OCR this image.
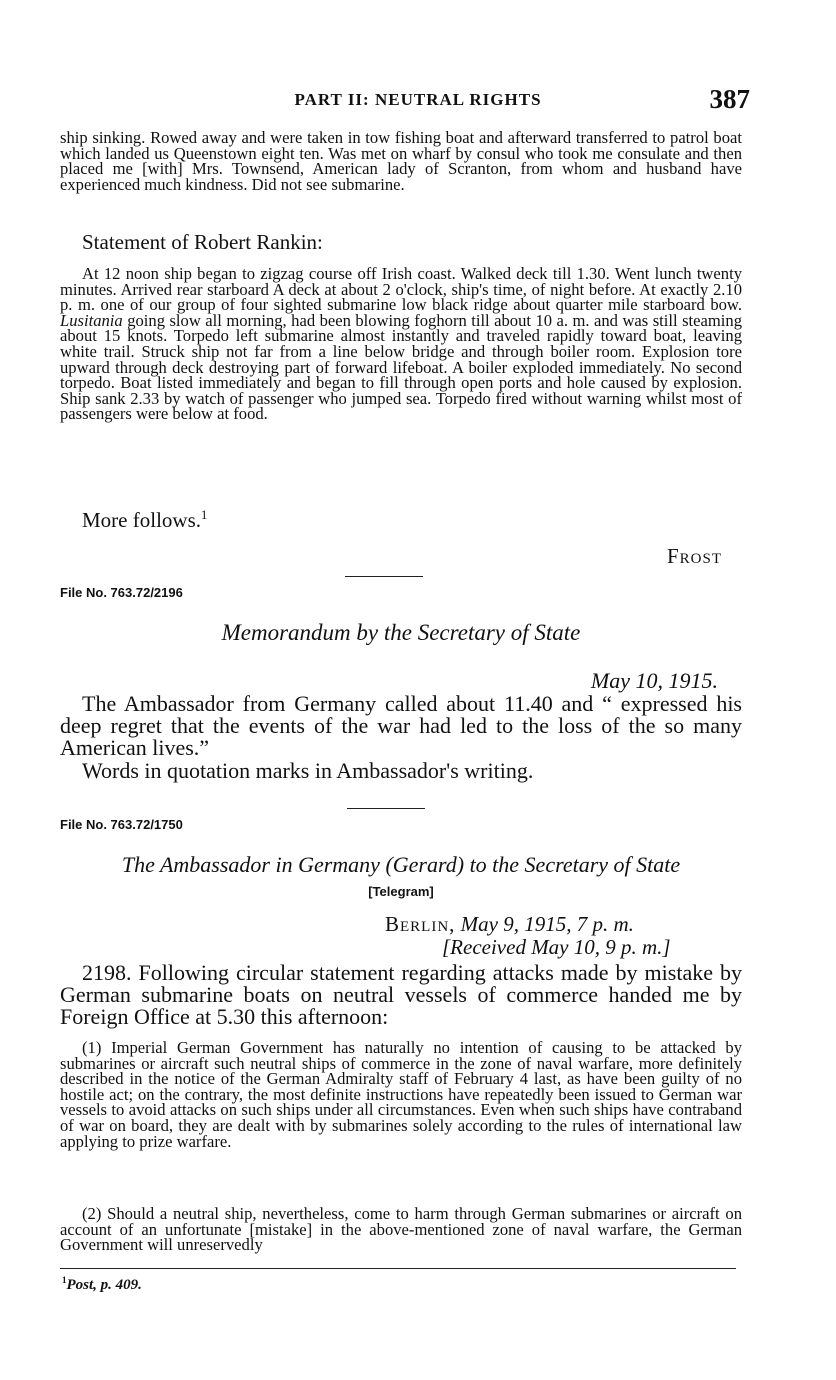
PART II: NEUTRAL RIGHTS	387
ship sinking. Rowed away and were taken in tow fishing boat and afterward transferred to patrol boat which landed us Queenstown eight ten. Was met on wharf by consul who took me consulate and then placed me [with] Mrs. Townsend, American lady of Scranton, from whom and husband have experienced much kindness. Did not see submarine.
Statement of Robert Rankin:
At 12 noon ship began to zigzag course off Irish coast. Walked deck till 1.30. Went lunch twenty minutes. Arrived rear starboard A deck at about 2 o'clock, ship's time, of night before. At exactly 2.10 p. m. one of our group of four sighted submarine low black ridge about quarter mile starboard bow. Lusitania going slow all morning, had been blowing foghorn till about 10 a. m. and was still steaming about 15 knots. Torpedo left submarine almost instantly and traveled rapidly toward boat, leaving white trail. Struck ship not far from a line below bridge and through boiler room. Explosion tore upward through deck destroying part of forward lifeboat. A boiler exploded immediately. No second torpedo. Boat listed immediately and began to fill through open ports and hole caused by explosion. Ship sank 2.33 by watch of passenger who jumped sea. Torpedo fired without warning whilst most of passengers were below at food.
More follows.$^1$
Frost
File No. 763.72/2196
Memorandum by the Secretary of State
May 10, 1915.
The Ambassador from Germany called about 11.40 and “ expressed his deep regret that the events of the war had led to the loss of the so many American lives.”
Words in quotation marks in Ambassador's writing.
File No. 763.72/1750
The Ambassador in Germany (Gerard) to the Secretary of State
[Telegram]
Berlin, May 9, 1915, 7 p. m.
[Received May 10, 9 p. m.]
2198. Following circular statement regarding attacks made by mistake by German submarine boats on neutral vessels of commerce handed me by Foreign Office at 5.30 this afternoon:
(1) Imperial German Government has naturally no intention of causing to be attacked by submarines or aircraft such neutral ships of commerce in the zone of naval warfare, more definitely described in the notice of the German Admiralty staff of February 4 last, as have been guilty of no hostile act; on the contrary, the most definite instructions have repeatedly been issued to German war vessels to avoid attacks on such ships under all circumstances. Even when such ships have contraband of war on board, they are dealt with by submarines solely according to the rules of international law applying to prize warfare.
(2) Should a neutral ship, nevertheless, come to harm through German submarines or aircraft on account of an unfortunate [mistake] in the above-mentioned zone of naval warfare, the German Government will unreservedly
$^1$Post, p. 409.
